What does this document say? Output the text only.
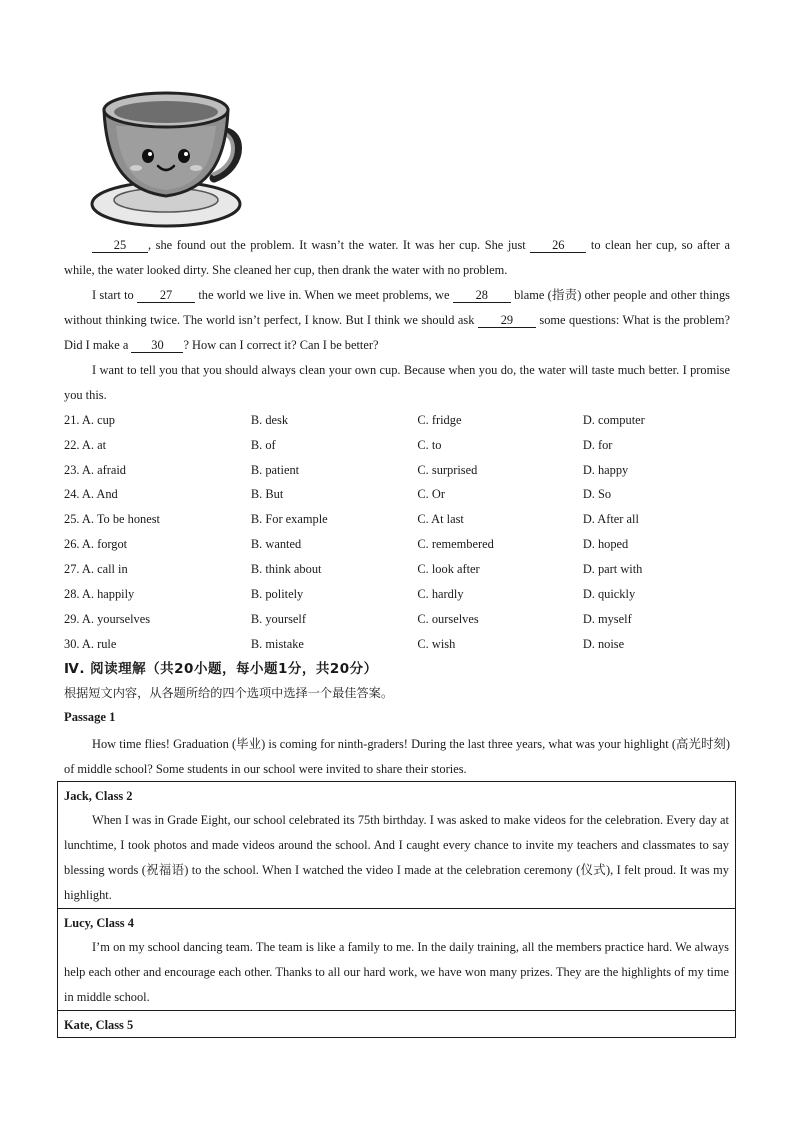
25 , she found out the problem. It wasn’t the water. It was her cup. She just 26 to clean her cup, so after a while, the water looked dirty. She cleaned her cup, then drank the water with no problem.

I start to 27 the world we live in. When we meet problems, we 28 blame (指责) other people and other things without thinking twice. The world isn’t perfect, I know. But I think we should ask 29 some questions: What is the problem? Did I make a 30 ? How can I correct it? Can I be better?

I want to tell you that you should always clean your own cup. Because when you do, the water will taste much better. I promise you this.

21. A. cup	B. desk	C. fridge	D. computer
22. A. at	B. of	C. to	D. for
23. A. afraid	B. patient	C. surprised	D. happy
24. A. And	B. But	C. Or	D. So
25. A. To be honest	B. For example	C. At last	D. After all
26. A. forgot	B. wanted	C. remembered	D. hoped
27. A. call in	B. think about	C. look after	D. part with
28. A. happily	B. politely	C. hardly	D. quickly
29. A. yourselves	B. yourself	C. ourselves	D. myself
30. A. rule	B. mistake	C. wish	D. noise
Ⅳ. 阅读理解（共20小题，每小题1分，共20分）
根据短文内容，从各题所给的四个选项中选择一个最佳答案。
Passage 1

How time flies! Graduation (毕业) is coming for ninth-graders! During the last three years, what was your highlight (高光时刻) of middle school? Some students in our school were invited to share their stories.

Jack, Class 2

When I was in Grade Eight, our school celebrated its 75th birthday. I was asked to make videos for the celebration. Every day at lunchtime, I took photos and made videos around the school. And I caught every chance to invite my teachers and classmates to say blessing words (祝福语) to the school. When I watched the video I made at the celebration ceremony (仪式), I felt proud. It was my highlight.

Lucy, Class 4

I’m on my school dancing team. The team is like a family to me. In the daily training, all the members practice hard. We always help each other and encourage each other. Thanks to all our hard work, we have won many prizes. They are the highlights of my time in middle school.

Kate, Class 5
